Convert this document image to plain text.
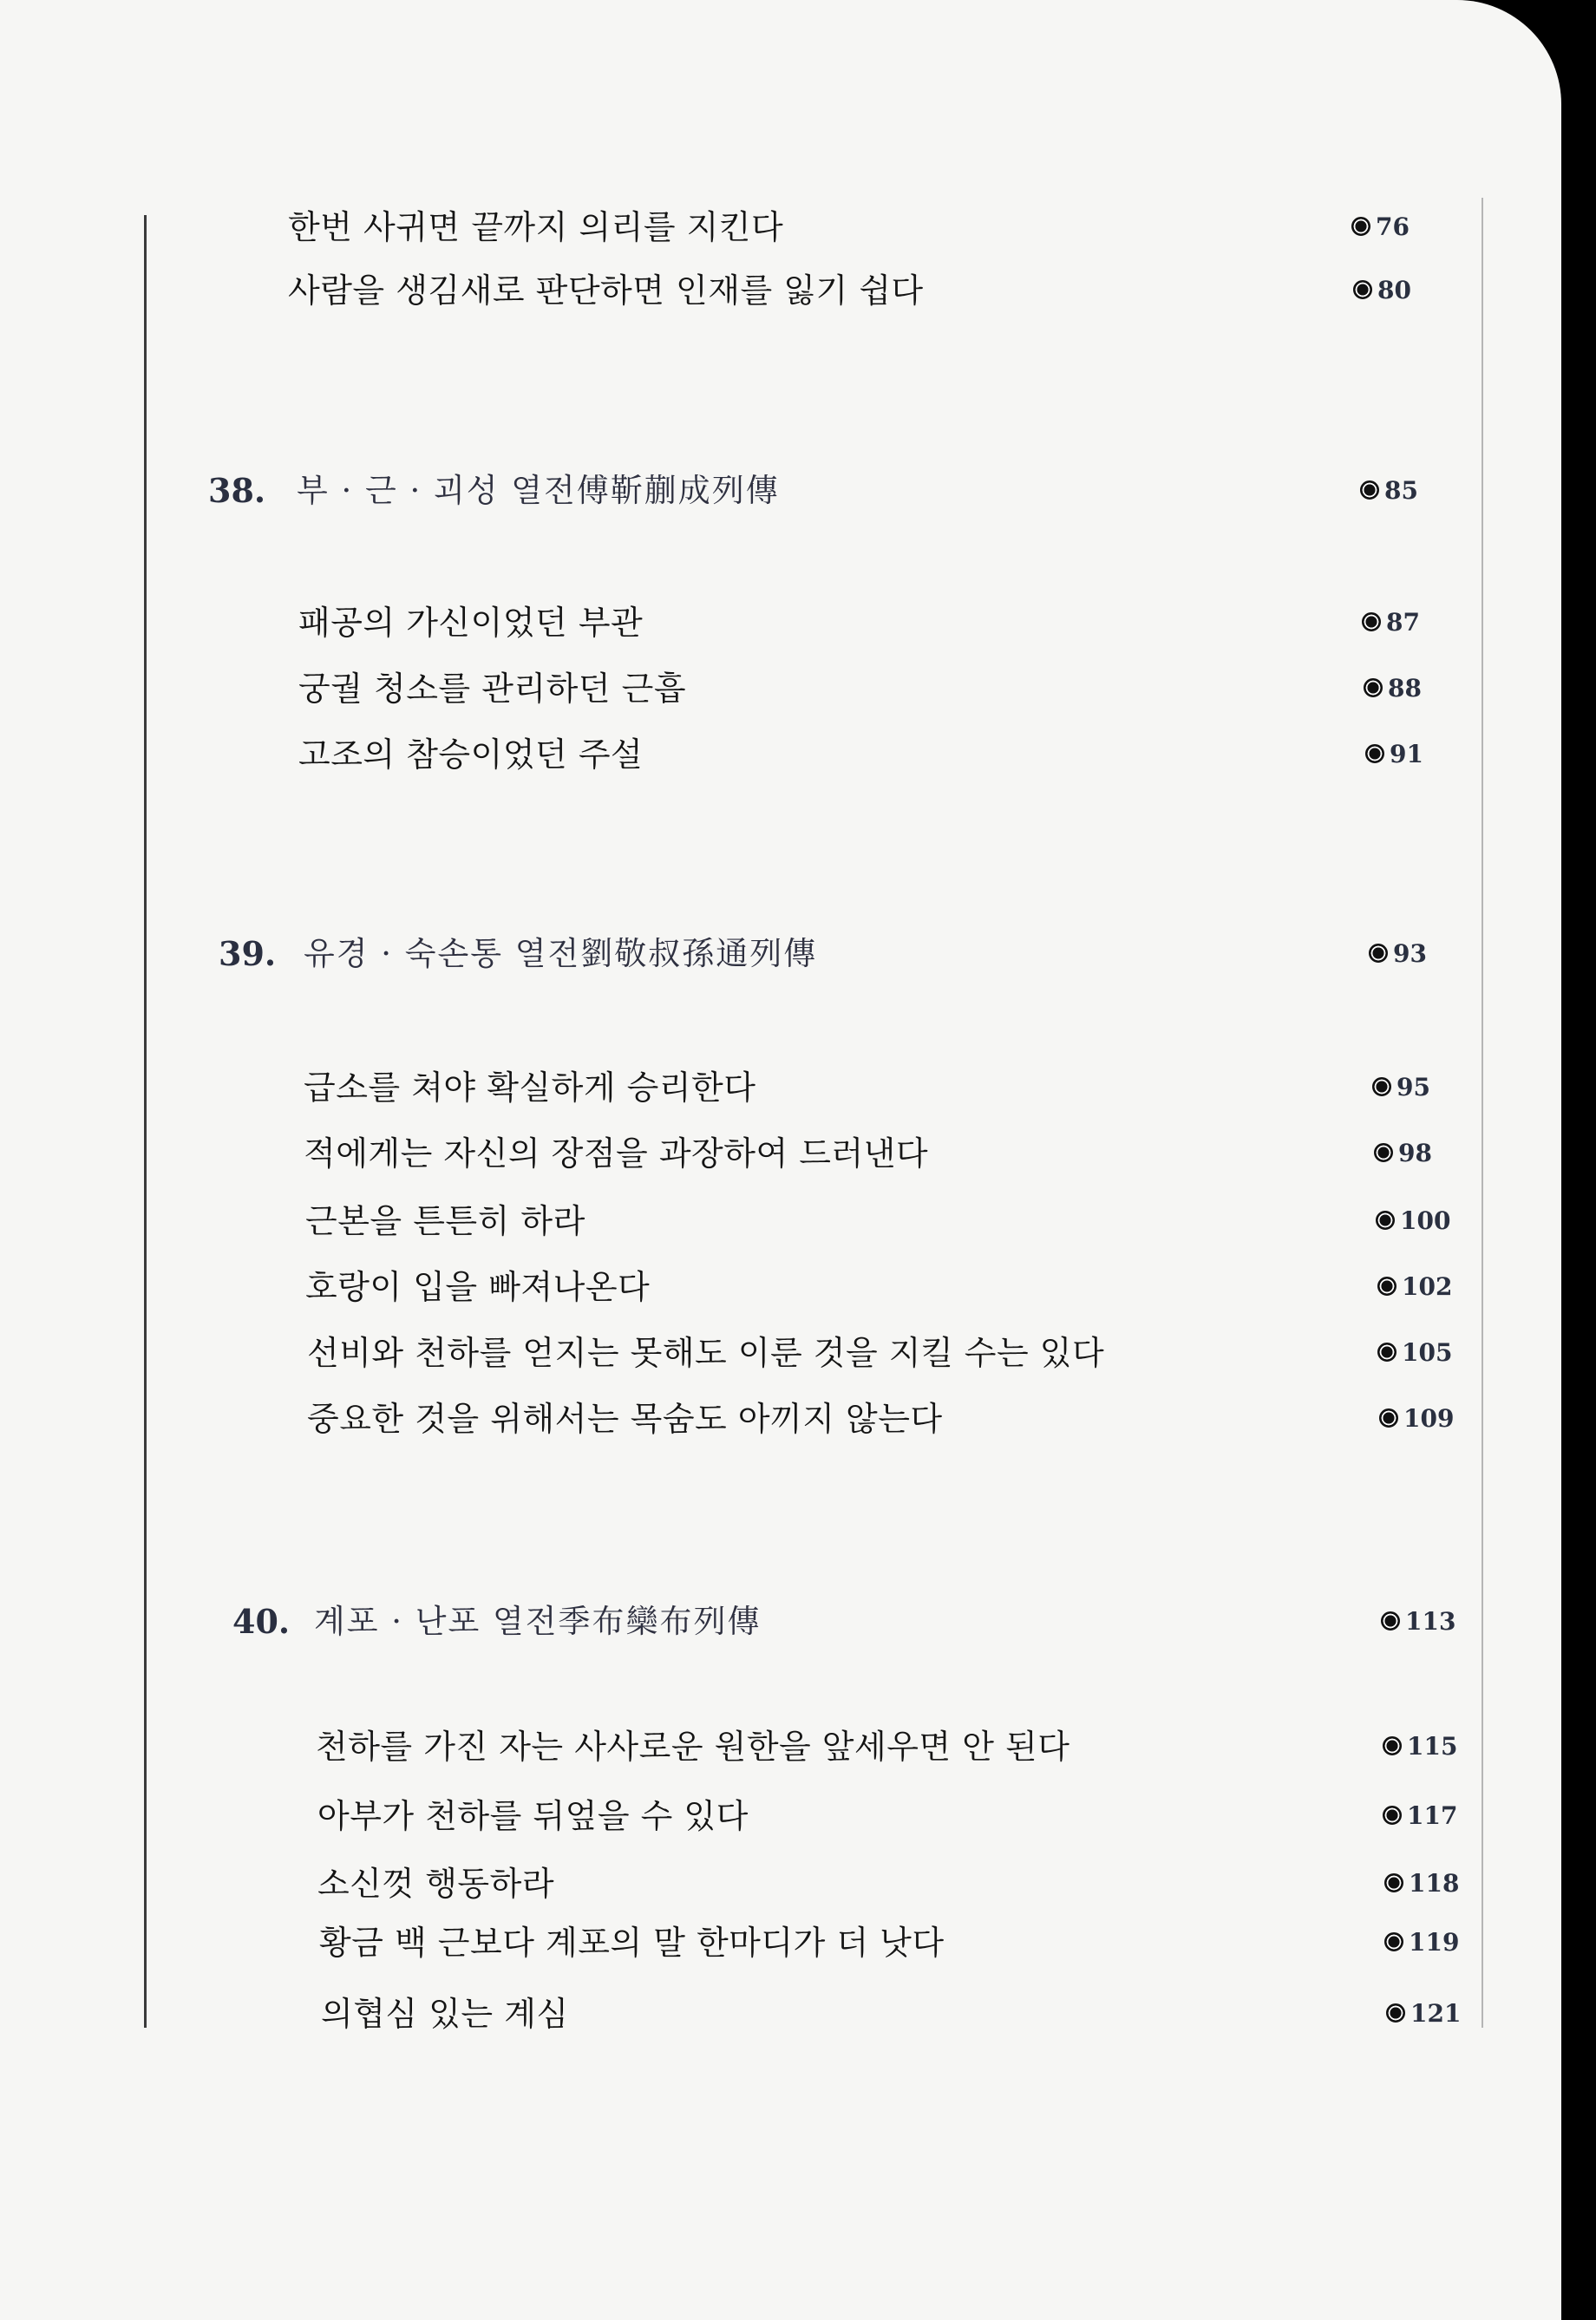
한번 사귀면 끝까지 의리를 지킨다	76
사람을 생김새로 판단하면 인재를 잃기 쉽다	80
38. 부 · 근 · 괴성 열전傅靳蒯成列傳	85
패공의 가신이었던 부관	87
궁궐 청소를 관리하던 근흡	88
고조의 참승이었던 주설	91
39. 유경 · 숙손통 열전劉敬叔孫通列傳	93
급소를 쳐야 확실하게 승리한다	95
적에게는 자신의 장점을 과장하여 드러낸다	98
근본을 튼튼히 하라	100
호랑이 입을 빠져나온다	102
선비와 천하를 얻지는 못해도 이룬 것을 지킬 수는 있다	105
중요한 것을 위해서는 목숨도 아끼지 않는다	109
40. 계포 · 난포 열전季布欒布列傳	113
천하를 가진 자는 사사로운 원한을 앞세우면 안 된다	115
아부가 천하를 뒤엎을 수 있다	117
소신껏 행동하라	118
황금 백 근보다 계포의 말 한마디가 더 낫다	119
의협심 있는 계심	121
